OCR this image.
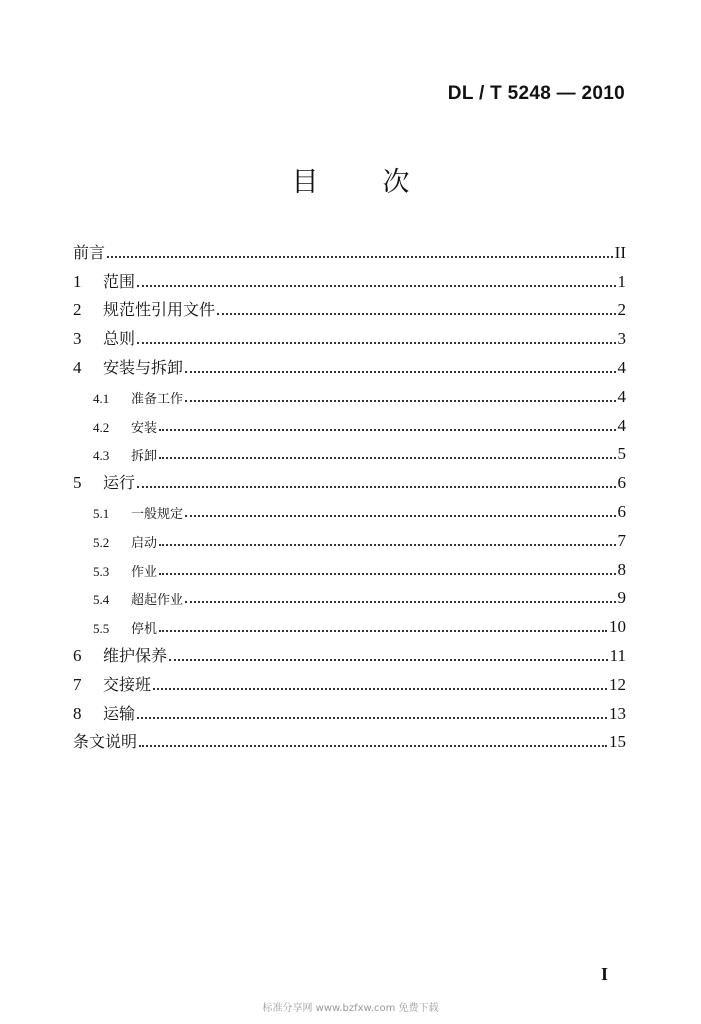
DL / T 5248 — 2010
目 次
前言	II
1	范围	1
2	规范性引用文件	2
3	总则	3
4	安装与拆卸	4
4.1	准备工作	4
4.2	安装	4
4.3	拆卸	5
5	运行	6
5.1	一般规定	6
5.2	启动	7
5.3	作业	8
5.4	超起作业	9
5.5	停机	10
6	维护保养	11
7	交接班	12
8	运输	13
条文说明	15
I
标准分享网 www.bzfxw.com 免费下载
